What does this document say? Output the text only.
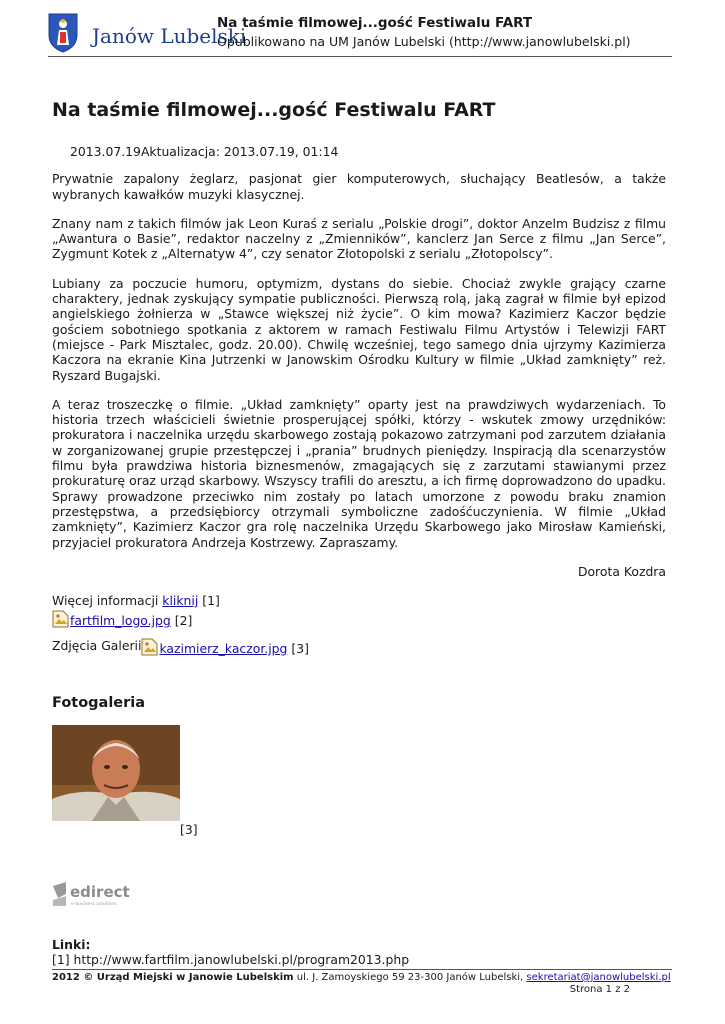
Janów Lubelski
Na taśmie filmowej...gość Festiwalu FART
Opublikowano na UM Janów Lubelski (http://www.janowlubelski.pl)
Na taśmie filmowej...gość Festiwalu FART
2013.07.19Aktualizacja: 2013.07.19, 01:14

Prywatnie zapalony żeglarz, pasjonat gier komputerowych, słuchający Beatlesów, a także wybranych kawałków muzyki klasycznej.

Znany nam z takich filmów jak Leon Kuraś z serialu „Polskie drogi”, doktor Anzelm Budzisz z filmu „Awantura o Basie”, redaktor naczelny z „Zmienników”, kanclerz Jan Serce z filmu „Jan Serce”, Zygmunt Kotek z „Alternatyw 4”, czy senator Złotopolski z serialu „Złotopolscy”.

Lubiany za poczucie humoru, optymizm, dystans do siebie. Chociaż zwykle grający czarne charaktery, jednak zyskujący sympatie publiczności. Pierwszą rolą, jaką zagrał w filmie był epizod angielskiego żołnierza w „Stawce większej niż życie”. O kim mowa? Kazimierz Kaczor będzie gościem sobotniego spotkania z aktorem w ramach Festiwalu Filmu Artystów i Telewizji FART (miejsce - Park Misztalec, godz. 20.00). Chwilę wcześniej, tego samego dnia ujrzymy Kazimierza Kaczora na ekranie Kina Jutrzenki w Janowskim Ośrodku Kultury w filmie „Układ zamknięty” reż. Ryszard Bugajski.

A teraz troszeczkę o filmie. „Układ zamknięty” oparty jest na prawdziwych wydarzeniach. To historia trzech właścicieli świetnie prosperującej spółki, którzy - wskutek zmowy urzędników: prokuratora i naczelnika urzędu skarbowego zostają pokazowo zatrzymani pod zarzutem działania w zorganizowanej grupie przestępczej i „prania” brudnych pieniędzy. Inspiracją dla scenarzystów filmu była prawdziwa historia biznesmenów, zmagających się z zarzutami stawianymi przez prokuraturę oraz urząd skarbowy. Wszyscy trafili do aresztu, a ich firmę doprowadzono do upadku. Sprawy prowadzone przeciwko nim zostały po latach umorzone z powodu braku znamion przestępstwa, a przedsiębiorcy otrzymali symboliczne zadośćuczynienia. W filmie „Układ zamknięty”, Kazimierz Kaczor gra rolę naczelnika Urzędu Skarbowego jako Mirosław Kamieński, przyjaciel prokuratora Andrzeja Kostrzewy. Zapraszamy.

Dorota Kozdra

Więcej informacji kliknij [1]
fartfilm_logo.jpg
[2]
Zdjęcia Galerii kazimierz_kaczor.jpg
[3]
Fotogaleria
[3]
edirect
e-business solutions
Linki:
[1] http://www.fartfilm.janowlubelski.pl/program2013.php
2012 © Urząd Miejski w Janowie Lubelskim ul. J. Zamoyskiego 59 23-300 Janów Lubelski, sekretariat@janowlubelski.pl
Strona 1 z 2
